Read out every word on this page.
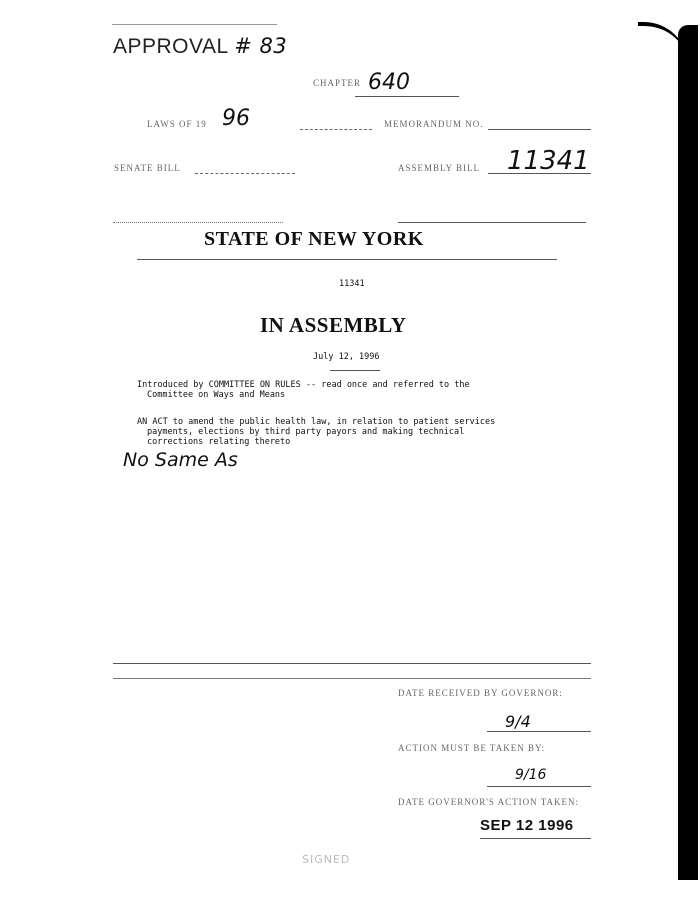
APPROVAL # 83
CHAPTER 640
LAWS OF 19 96	MEMORANDUM NO.
SENATE BILL	ASSEMBLY BILL 11341
STATE OF NEW YORK
11341
IN ASSEMBLY
July 12, 1996
Introduced by COMMITTEE ON RULES -- read once and referred to the
Committee on Ways and Means
AN ACT to amend the public health law, in relation to patient services
payments, elections by third party payors and making technical
corrections relating thereto
No Same As
DATE RECEIVED BY GOVERNOR:
9/4
ACTION MUST BE TAKEN BY:
9/16
DATE GOVERNOR'S ACTION TAKEN:
SEP 12 1996
SIGNED
